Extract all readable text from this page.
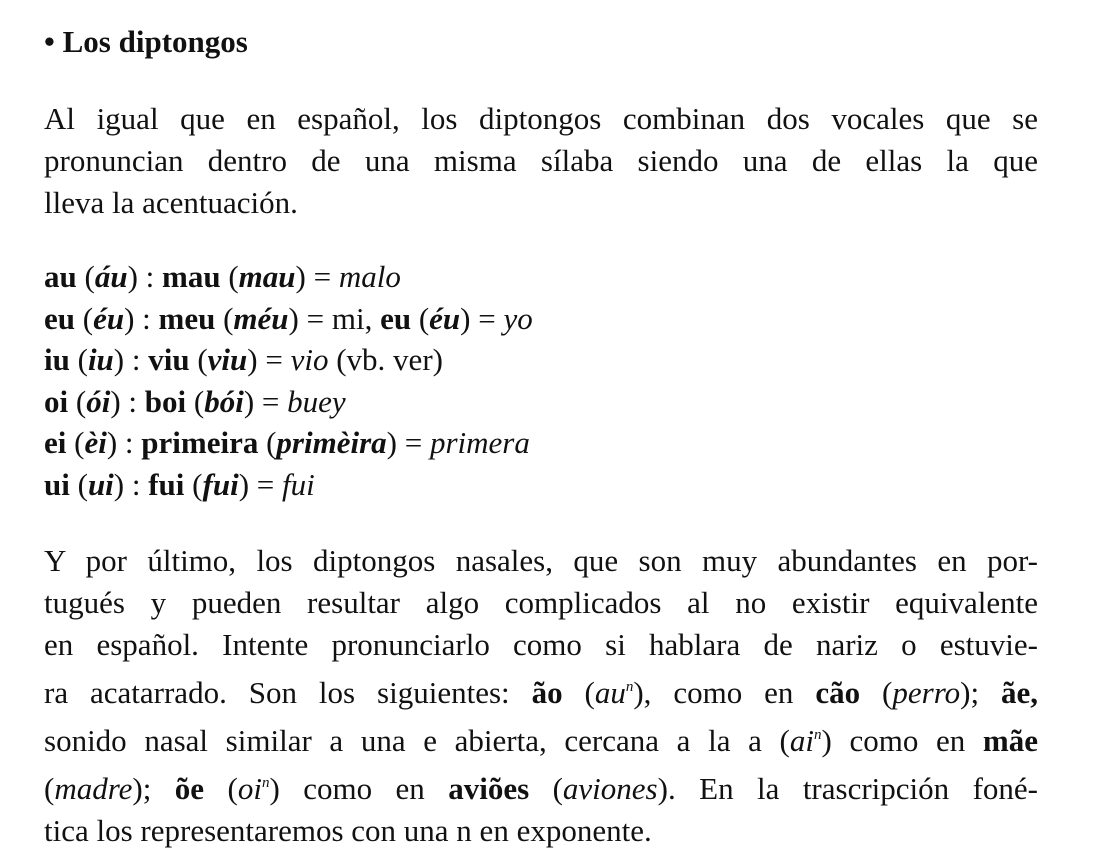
• Los diptongos

Al igual que en español, los diptongos combinan dos vocales que se
pronuncian dentro de una misma sílaba siendo una de ellas la que
lleva la acentuación.

au (áu) : mau (mau) = malo
eu (éu) : meu (méu) = mi, eu (éu) = yo
iu (iu) : viu (viu) = vio (vb. ver)
oi (ói) : boi (bói) = buey
ei (èi) : primeira (primèira) = primera
ui (ui) : fui (fui) = fui

Y por último, los diptongos nasales, que son muy abundantes en por-
tugués y pueden resultar algo complicados al no existir equivalente
en español. Intente pronunciarlo como si hablara de nariz o estuvie-
ra acatarrado. Son los siguientes: ão $(au^n)$, como en cão (perro); ãe,
sonido nasal similar a una e abierta, cercana a la a $(ai^n)$ como en mãe
(madre); õe $(oi^n)$ como en aviões (aviones). En la trascripción foné-
tica los representaremos con una n en exponente.
